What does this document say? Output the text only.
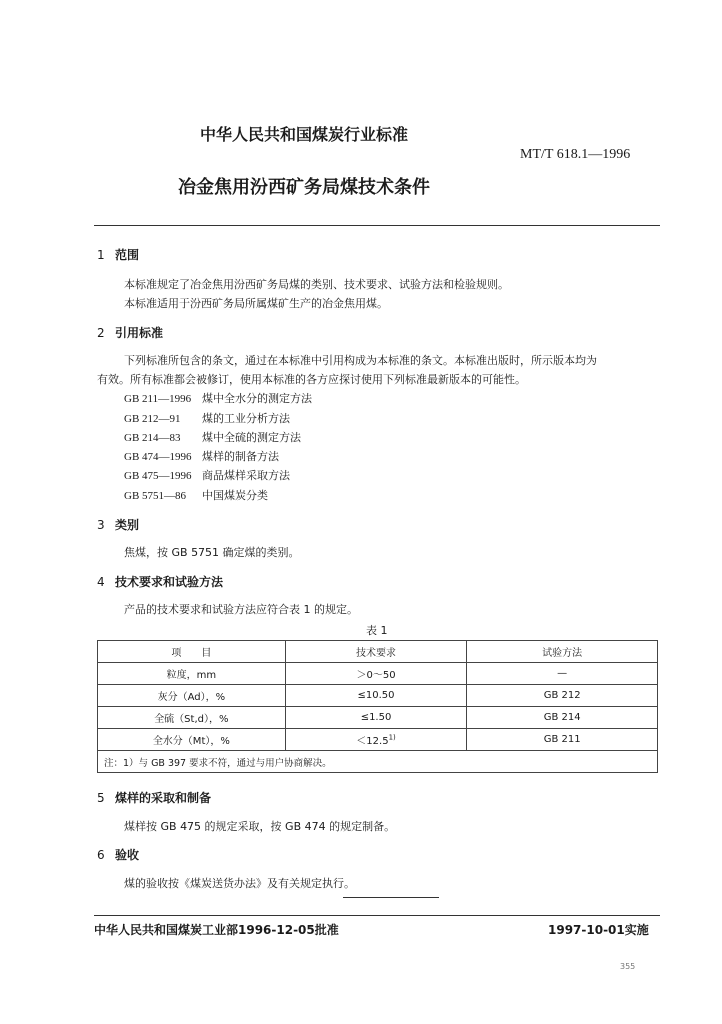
中华人民共和国煤炭行业标准
MT/T 618.1—1996
冶金焦用汾西矿务局煤技术条件
1 范围
本标准规定了冶金焦用汾西矿务局煤的类别、技术要求、试验方法和检验规则。
本标准适用于汾西矿务局所属煤矿生产的冶金焦用煤。
2 引用标准
下列标准所包含的条文，通过在本标准中引用构成为本标准的条文。本标准出版时，所示版本均为
有效。所有标准都会被修订，使用本标准的各方应探讨使用下列标准最新版本的可能性。
GB 211—1996 煤中全水分的测定方法
GB 212—91 煤的工业分析方法
GB 214—83 煤中全硫的测定方法
GB 474—1996 煤样的制备方法
GB 475—1996 商品煤样采取方法
GB 5751—86 中国煤炭分类
3 类别
焦煤，按 GB 5751 确定煤的类别。
4 技术要求和试验方法
产品的技术要求和试验方法应符合表 1 的规定。
表 1
项　　目	技术要求	试验方法
粒度，mm	＞0～50	—
灰分（Ad），%	≤10.50	GB 212
全硫（St,d），%	≤1.50	GB 214
全水分（Mt），%	$<12.5^{1)}$	GB 211
注：1）与 GB 397 要求不符，通过与用户协商解决。		
5 煤样的采取和制备
煤样按 GB 475 的规定采取，按 GB 474 的规定制备。
6 验收
煤的验收按《煤炭送货办法》及有关规定执行。
中华人民共和国煤炭工业部1996-12-05批准	1997-10-01实施
355
